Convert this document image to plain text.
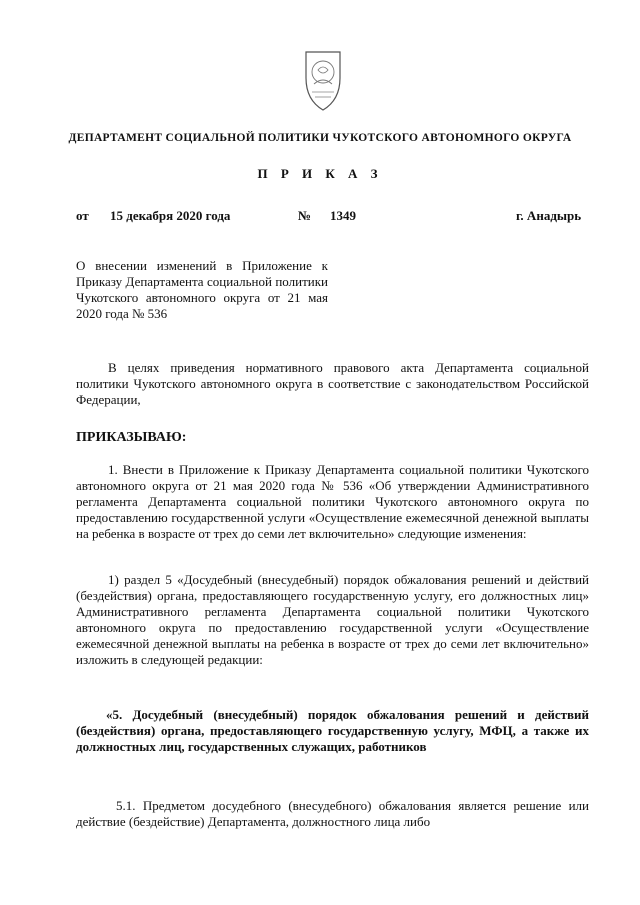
ДЕПАРТАМЕНТ СОЦИАЛЬНОЙ ПОЛИТИКИ ЧУКОТСКОГО АВТОНОМНОГО ОКРУГА
П Р И К А З
от 15 декабря 2020 года	№ 1349	г. Анадырь
О внесении изменений в Приложение к Приказу Департамента социальной политики Чукотского автономного округа от 21 мая 2020 года № 536
В целях приведения нормативного правового акта Департамента социальной политики Чукотского автономного округа в соответствие с законодательством Российской Федерации,
ПРИКАЗЫВАЮ:
1. Внести в Приложение к Приказу Департамента социальной политики Чукотского автономного округа от 21 мая 2020 года № 536 «Об утверждении Административного регламента Департамента социальной политики Чукотского автономного округа по предоставлению государственной услуги «Осуществление ежемесячной денежной выплаты на ребенка в возрасте от трех до семи лет включительно» следующие изменения:
1) раздел 5 «Досудебный (внесудебный) порядок обжалования решений и действий (бездействия) органа, предоставляющего государственную услугу, его должностных лиц» Административного регламента Департамента социальной политики Чукотского автономного округа по предоставлению государственной услуги «Осуществление ежемесячной денежной выплаты на ребенка в возрасте от трех до семи лет включительно» изложить в следующей редакции:
«5. Досудебный (внесудебный) порядок обжалования решений и действий (бездействия) органа, предоставляющего государственную услугу, МФЦ, а также их должностных лиц, государственных служащих, работников
5.1. Предметом досудебного (внесудебного) обжалования является решение или действие (бездействие) Департамента, должностного лица либо
